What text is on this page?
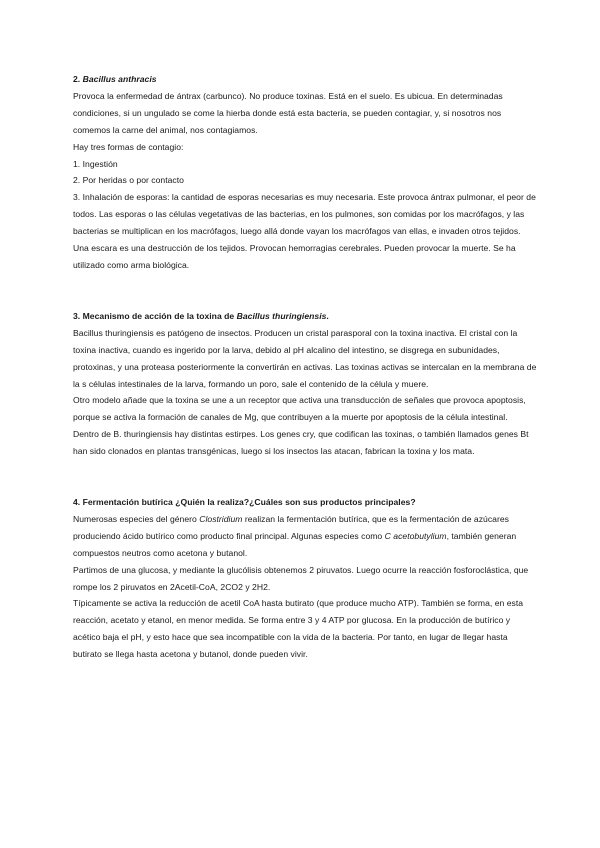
2. Bacillus anthracis

Provoca la enfermedad de ántrax (carbunco). No produce toxinas. Está en el suelo. Es ubicua. En determinadas condiciones, si un ungulado se come la hierba donde está esta bacteria, se pueden contagiar, y, si nosotros nos comemos la carne del animal, nos contagiamos.

Hay tres formas de contagio:

1. Ingestión
2. Por heridas o por contacto
3. Inhalación de esporas: la cantidad de esporas necesarias es muy necesaria. Este provoca ántrax pulmonar, el peor de todos. Las esporas o las células vegetativas de las bacterias, en los pulmones, son comidas por los macrófagos, y las bacterias se multiplican en los macrófagos, luego allá donde vayan los macrófagos van ellas, e invaden otros tejidos. Una escara es una destrucción de los tejidos. Provocan hemorragias cerebrales. Pueden provocar la muerte. Se ha utilizado como arma biológica.

3. Mecanismo de acción de la toxina de Bacillus thuringiensis.

Bacillus thuringiensis es patógeno de insectos. Producen un cristal parasporal con la toxina inactiva. El cristal con la toxina inactiva, cuando es ingerido por la larva, debido al pH alcalino del intestino, se disgrega en subunidades, protoxinas, y una proteasa posteriormente la convertirán en activas. Las toxinas activas se intercalan en la membrana de la s células intestinales de la larva, formando un poro, sale el contenido de la célula y muere.

Otro modelo añade que la toxina se une a un receptor que activa una transducción de señales que provoca apoptosis, porque se activa la formación de canales de Mg, que contribuyen a la muerte por apoptosis de la célula intestinal.

Dentro de B. thuringiensis hay distintas estirpes. Los genes cry, que codifican las toxinas, o también llamados genes Bt han sido clonados en plantas transgénicas, luego si los insectos las atacan, fabrican la toxina y los mata.

4. Fermentación butírica ¿Quién la realiza?¿Cuáles son sus productos principales?

Numerosas especies del género Clostridium realizan la fermentación butírica, que es la fermentación de azúcares produciendo ácido butírico como producto final principal. Algunas especies como C acetobutylium, también generan compuestos neutros como acetona y butanol.

Partimos de una glucosa, y mediante la glucólisis obtenemos 2 piruvatos. Luego ocurre la reacción fosforoclástica, que rompe los 2 piruvatos en 2Acetil-CoA, 2CO2 y 2H2.

Típicamente se activa la reducción de acetil CoA hasta butirato (que produce mucho ATP). También se forma, en esta reacción, acetato y etanol, en menor medida. Se forma entre 3 y 4 ATP por glucosa. En la producción de butírico y acético baja el pH, y esto hace que sea incompatible con la vida de la bacteria. Por tanto, en lugar de llegar hasta butirato se llega hasta acetona y butanol, donde pueden vivir.
